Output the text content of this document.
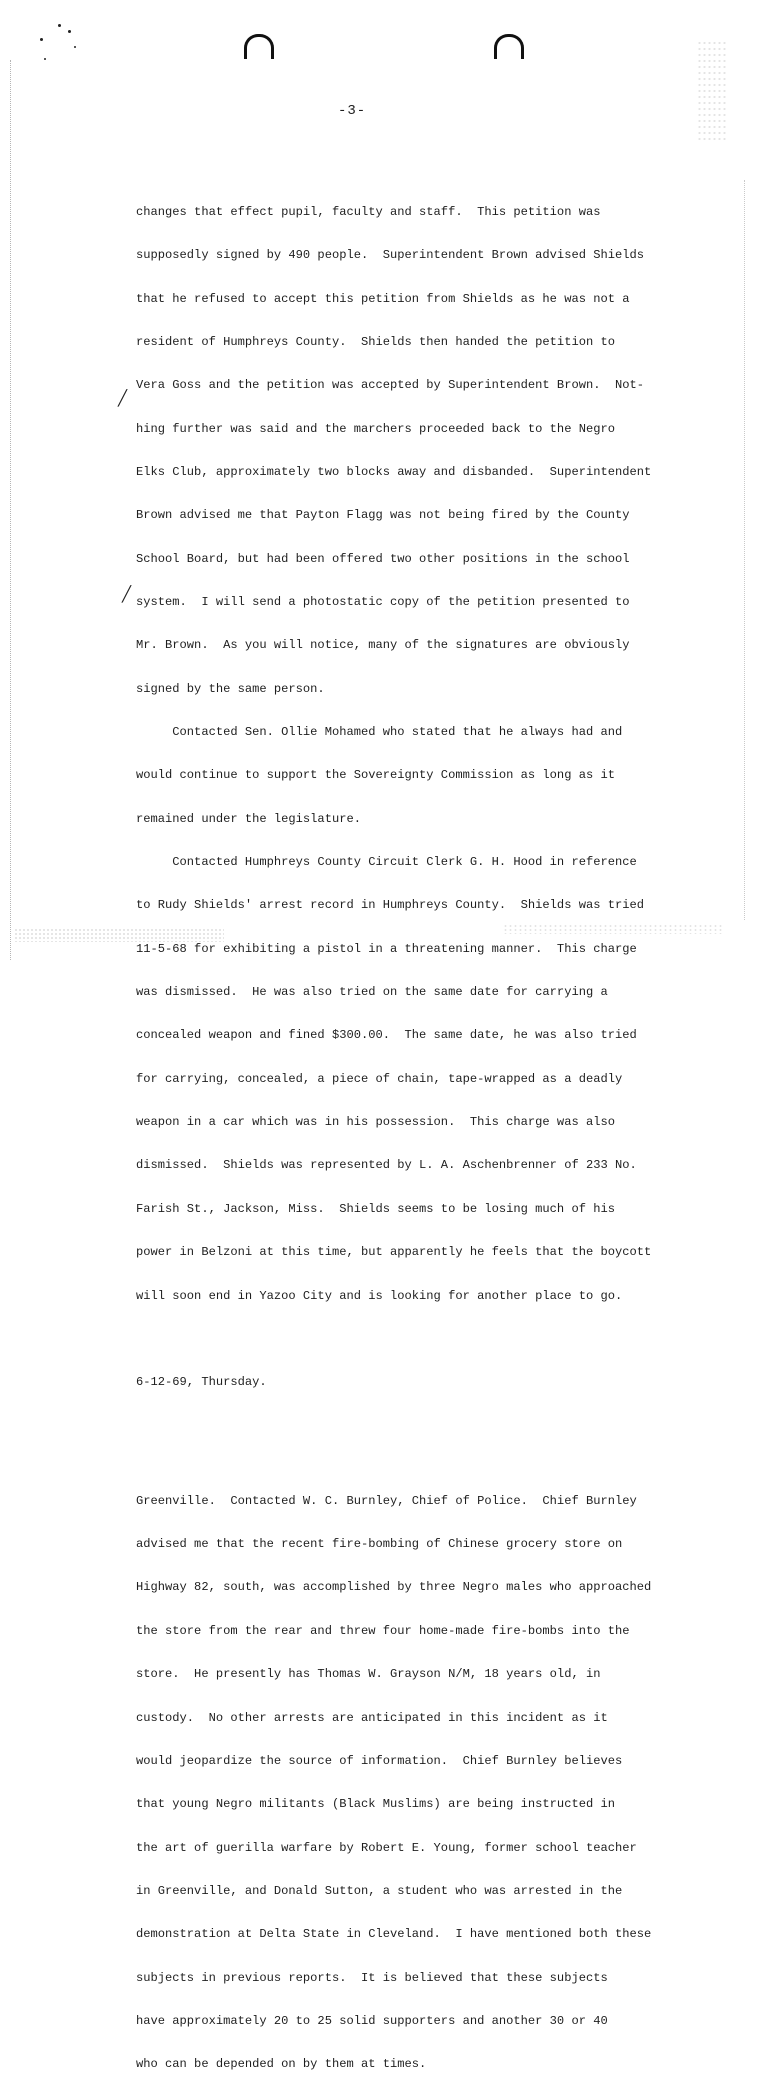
-3-

changes that effect pupil, faculty and staff.  This petition was

supposedly signed by 490 people.  Superintendent Brown advised Shields

that he refused to accept this petition from Shields as he was not a

resident of Humphreys County.  Shields then handed the petition to

Vera Goss and the petition was accepted by Superintendent Brown.  Not-

hing further was said and the marchers proceeded back to the Negro

Elks Club, approximately two blocks away and disbanded.  Superintendent

Brown advised me that Payton Flagg was not being fired by the County

School Board, but had been offered two other positions in the school

system.  I will send a photostatic copy of the petition presented to

Mr. Brown.  As you will notice, many of the signatures are obviously

signed by the same person.

Contacted Sen. Ollie Mohamed who stated that he always had and

would continue to support the Sovereignty Commission as long as it

remained under the legislature.

Contacted Humphreys County Circuit Clerk G. H. Hood in reference

to Rudy Shields' arrest record in Humphreys County.  Shields was tried

11-5-68 for exhibiting a pistol in a threatening manner.  This charge

was dismissed.  He was also tried on the same date for carrying a

concealed weapon and fined $300.00.  The same date, he was also tried

for carrying, concealed, a piece of chain, tape-wrapped as a deadly

weapon in a car which was in his possession.  This charge was also

dismissed.  Shields was represented by L. A. Aschenbrenner of 233 No.

Farish St., Jackson, Miss.  Shields seems to be losing much of his

power in Belzoni at this time, but apparently he feels that the boycott

will soon end in Yazoo City and is looking for another place to go.

6-12-69, Thursday.

Greenville.  Contacted W. C. Burnley, Chief of Police.  Chief Burnley

advised me that the recent fire-bombing of Chinese grocery store on

Highway 82, south, was accomplished by three Negro males who approached

the store from the rear and threw four home-made fire-bombs into the

store.  He presently has Thomas W. Grayson N/M, 18 years old, in

custody.  No other arrests are anticipated in this incident as it

would jeopardize the source of information.  Chief Burnley believes

that young Negro militants (Black Muslims) are being instructed in

the art of guerilla warfare by Robert E. Young, former school teacher

in Greenville, and Donald Sutton, a student who was arrested in the

demonstration at Delta State in Cleveland.  I have mentioned both these

subjects in previous reports.  It is believed that these subjects

have approximately 20 to 25 solid supporters and another 30 or 40

who can be depended on by them at times.

╱
╱
